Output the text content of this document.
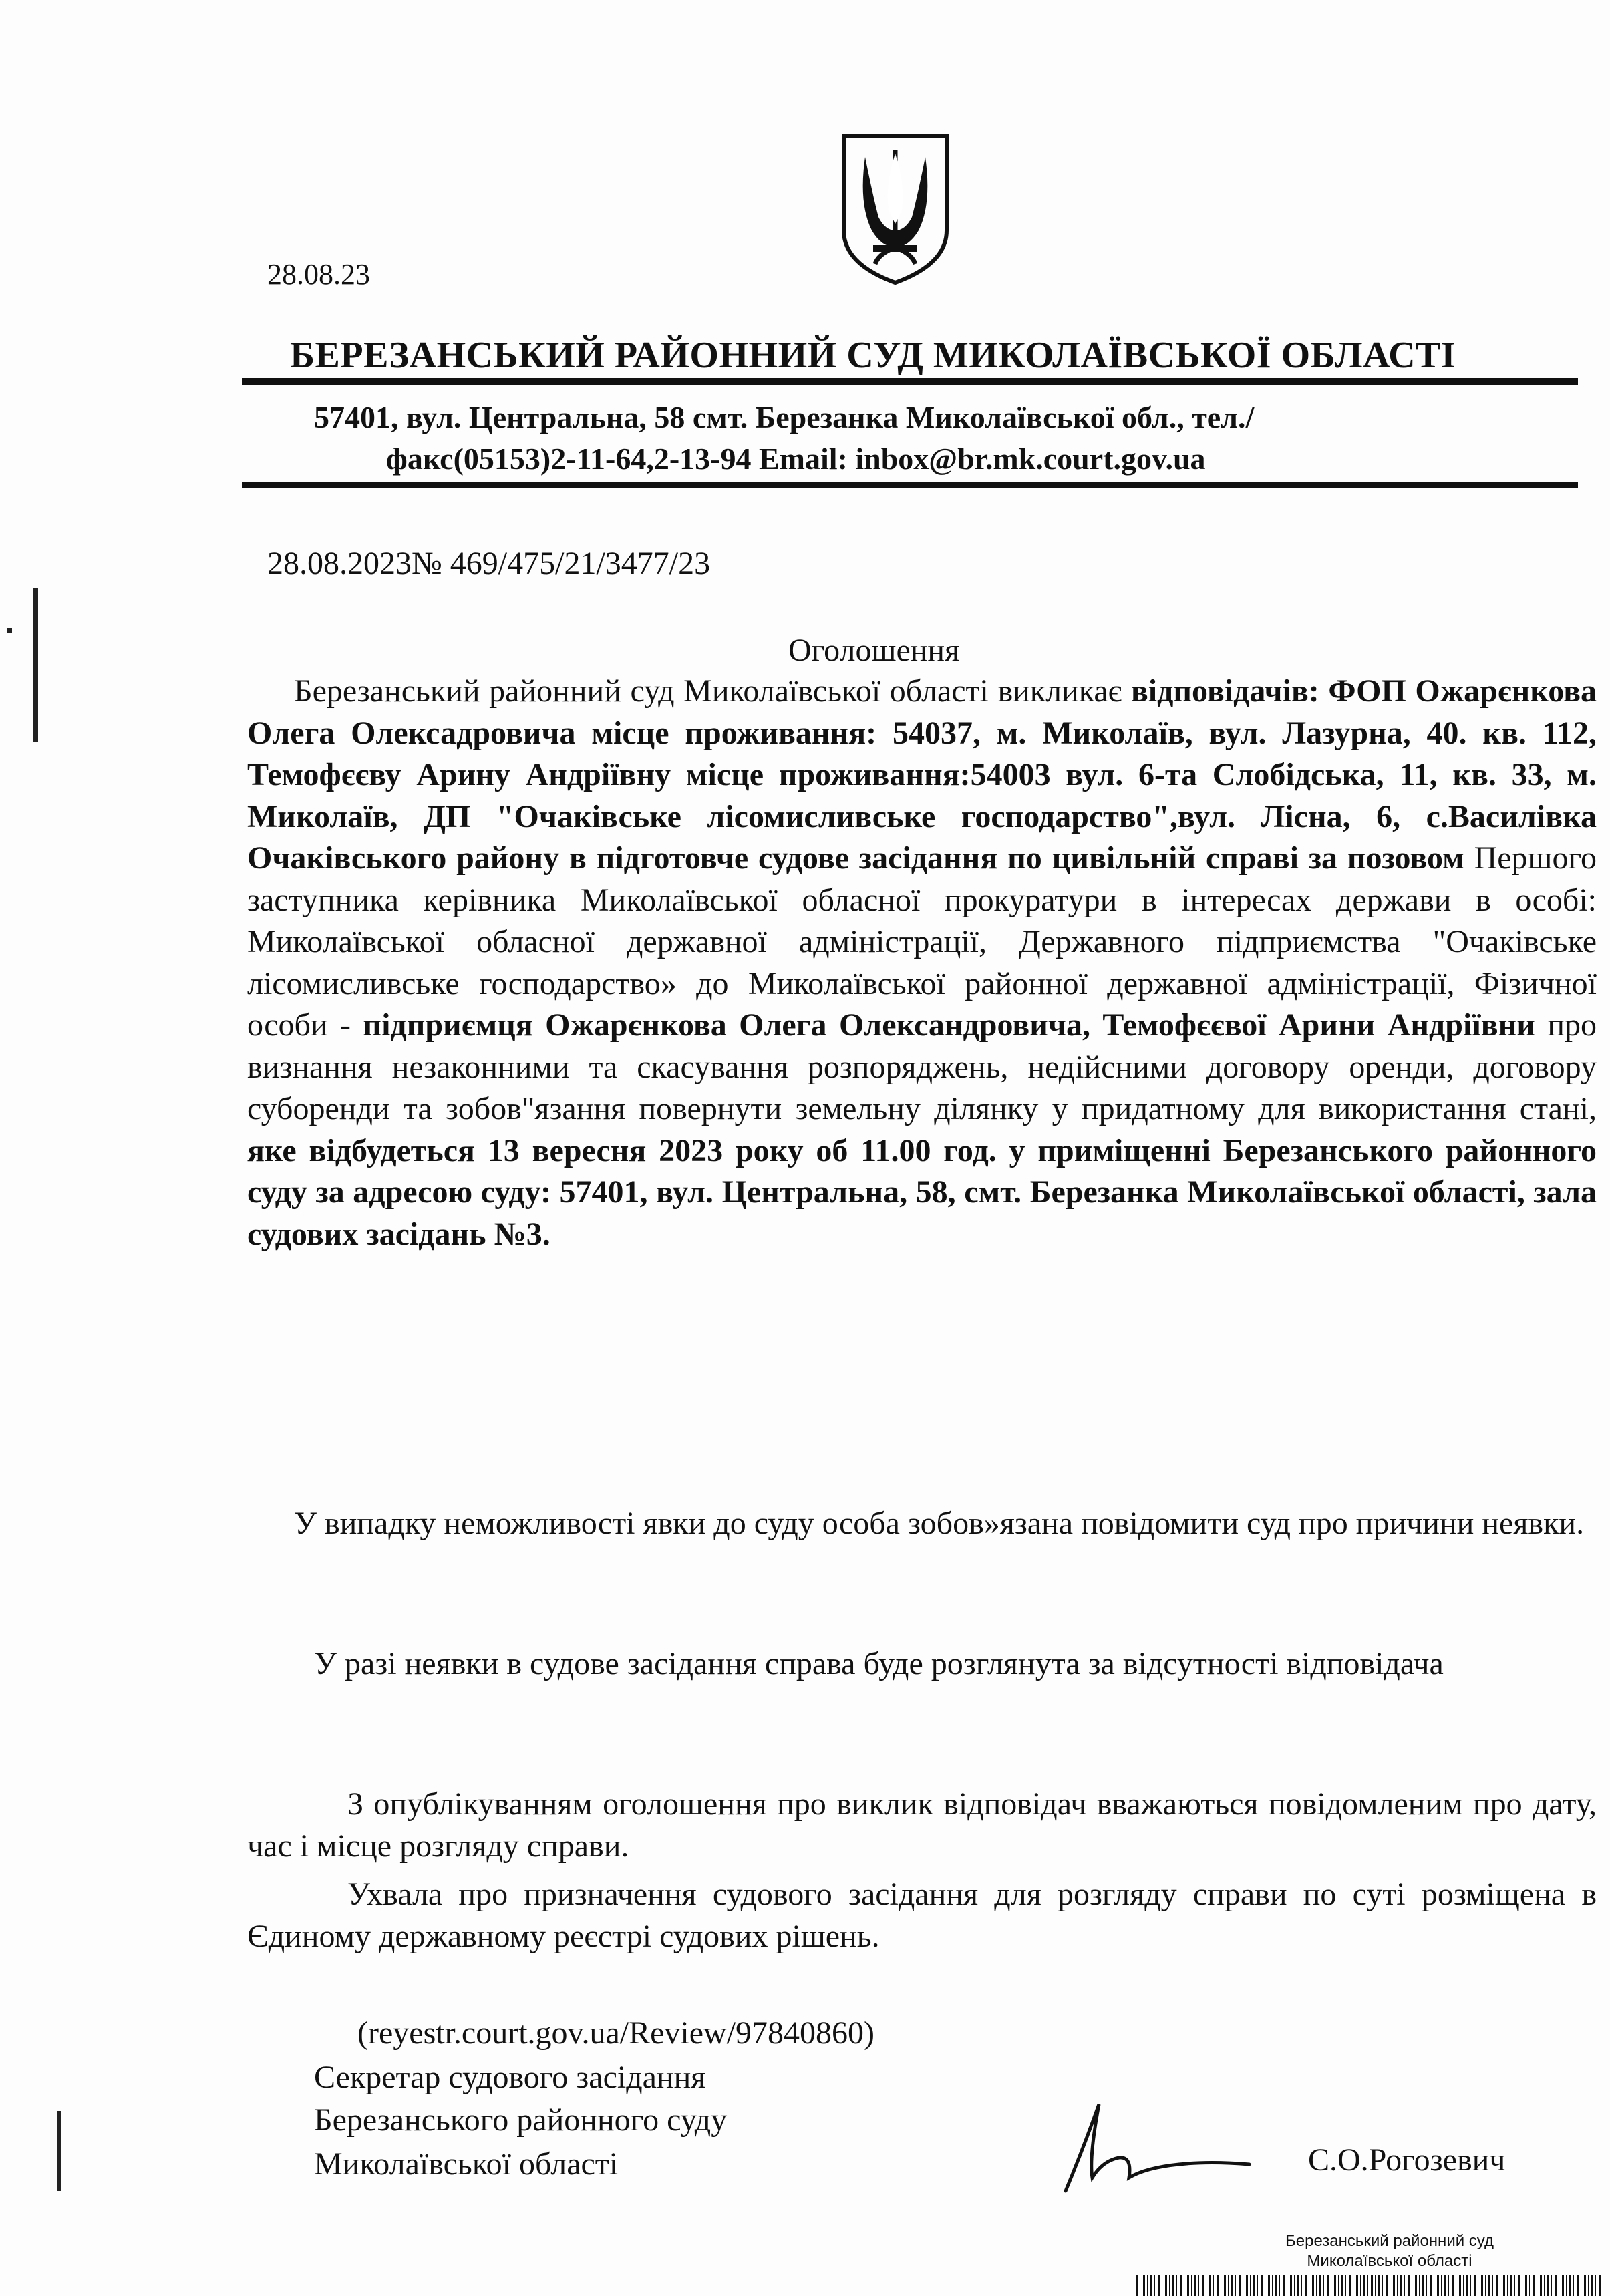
28.08.23
БЕРЕЗАНСЬКИЙ РАЙОННИЙ СУД МИКОЛАЇВСЬКОЇ ОБЛАСТІ
57401, вул. Центральна, 58 смт. Березанка Миколаївської обл., тел./
факс(05153)2-11-64,2-13-94 Email: inbox@br.mk.court.gov.ua
28.08.2023№ 469/475/21/3477/23
Оголошення
Березанський районний суд Миколаївської області викликає відповідачів: ФОП Ожарєнкова Олега Олексадровича місце проживання: 54037, м. Миколаїв, вул. Лазурна, 40. кв. 112, Темофєєву Арину Андріївну місце проживання:54003 вул. 6-та Слобідська, 11, кв. 33, м. Миколаїв, ДП "Очаківське лісомисливське господарство",вул. Лісна, 6, с.Василівка Очаківського району в підготовче судове засідання по цивільній справі за позовом Першого заступника керівника Миколаївської обласної прокуратури в інтересах держави в особі: Миколаївської обласної державної адміністрації, Державного підприємства "Очаківське лісомисливське господарство» до Миколаївської районної державної адміністрації, Фізичної особи - підприємця Ожарєнкова Олега Олександровича, Темофєєвої Арини Андріївни про визнання незаконними та скасування розпоряджень, недійсними договору оренди, договору суборенди та зобов"язання повернути земельну ділянку у придатному для використання стані, яке відбудеться 13 вересня 2023 року об 11.00 год. у приміщенні Березанського районного суду за адресою суду: 57401, вул. Центральна, 58, смт. Березанка Миколаївської області, зала судових засідань №3.
У випадку неможливості явки до суду особа зобов»язана повідомити суд про причини неявки.
У разі неявки в судове засідання справа буде розглянута за відсутності відповідача
З опублікуванням оголошення про виклик відповідач вважаються повідомленим про дату, час і місце розгляду справи.
Ухвала про призначення судового засідання для розгляду справи по суті розміщена в Єдиному державному реєстрі судових рішень.
(reyestr.court.gov.ua/Review/97840860)
Секретар судового засідання
Березанського районного суду
Миколаївської області	С.О.Рогозевич
Березанський районний суд
Миколаївської області
